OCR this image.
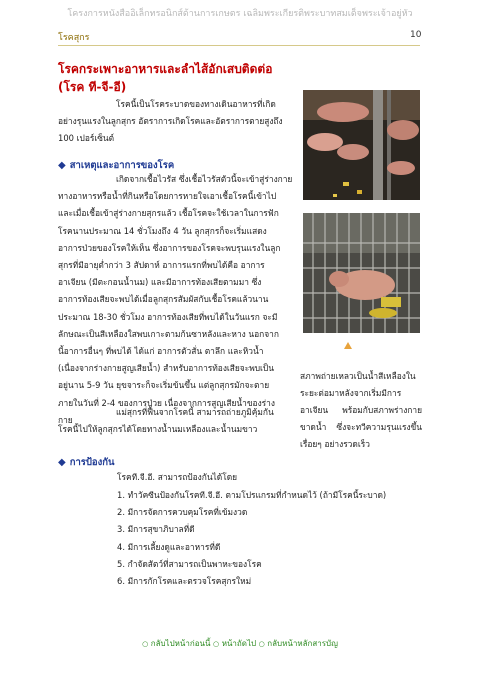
โครงการหนังสืออิเล็กทรอนิกส์ด้านการเกษตร เฉลิมพระเกียรติพระบาทสมเด็จพระเจ้าอยู่หัว
โรคสุกร	10
โรคกระเพาะอาหารและลำไส้อักเสบติดต่อ
(โรค ที-จี-อี)
โรคนี้เป็นโรคระบาดของทางเดินอาหารที่เกิด
อย่างรุนแรงในลูกสุกร อัตราการเกิดโรคและอัตราการตายสูงถึง
100 เปอร์เซ็นต์
◆ สาเหตุและอาการของโรค
เกิดจากเชื้อไวรัส ซึ่งเชื้อไวรัสตัวนี้จะเข้าสู่ร่างกาย
ทางอาหารหรือน้ำที่กินหรือโดยการหายใจเอาเชื้อโรคนี้เข้าไป
และเมื่อเชื้อเข้าสู่ร่างกายสุกรแล้ว เชื้อโรคจะใช้เวลาในการฟัก
โรคนานประมาณ 14 ชั่วโมงถึง 4 วัน ลูกสุกรก็จะเริ่มแสดง
อาการป่วยของโรคให้เห็น ซึ่งอาการของโรคจะพบรุนแรงในลูก
สุกรที่มีอายุต่ำกว่า 3 สัปดาห์ อาการแรกที่พบได้คือ อาการ
อาเจียน (มีตะกอนน้ำนม) และมีอาการท้องเสียตามมา ซึ่ง
อาการท้องเสียจะพบได้เมื่อลูกสุกรสัมผัสกับเชื้อโรคแล้วนาน
ประมาณ 18-30 ชั่วโมง อาการท้องเสียที่พบได้ในวันแรก จะมี
ลักษณะเป็นสีเหลืองใสพบเกาะตามก้นซาหลังและหาง นอกจาก
นี้อาการอื่นๆ ที่พบได้ ได้แก่ อาการตัวสั่น ตาลึก และหิวน้ำ
(เนื่องจากร่างกายสูญเสียน้ำ) สำหรับอาการท้องเสียจะพบเป็น
อยู่นาน 5-9 วัน ยุขจาระก็จะเริ่มข้นขึ้น แต่ลูกสุกรมักจะตาย
ภายในวันที่ 2-4 ของการป่วย เนื่องจากการสูญเสียน้ำของร่าง
กาย
แม่สุกรที่ฟื้นจากโรคนี้ สามารถถ่ายภูมิคุ้มกัน
โรคนี้ไปให้ลูกสุกรได้โดยทางน้ำนมเหลืองและน้ำนมขาว
สภาพถ่ายเหลวเป็นน้ำสีเหลืองในระยะต่อมาหลังจากเริ่มมีการอาเจียน พร้อมกับสภาพร่างกายขาดน้ำ ซึ่งจะทวีความรุนแรงขึ้นเรื่อยๆ อย่างรวดเร็ว
◆ การป้องกัน
โรคที.จี.อี. สามารถป้องกันได้โดย
1. ทำวัคซีนป้องกันโรคที.จี.อี. ตามโปรแกรมที่กำหนดไว้ (ถ้ามีโรคนี้ระบาด)
2. มีการจัดการควบคุมโรคที่เข้มงวด
3. มีการสุขาภิบาลที่ดี
4. มีการเลี้ยงดูและอาหารที่ดี
5. กำจัดสัตว์ที่สามารถเป็นพาหะของโรค
6. มีการกักโรคและตรวจโรคสุกรใหม่
○ กลับไปหน้าก่อนนี้ ○ หน้าถัดไป ○ กลับหน้าหลักสารบัญ
